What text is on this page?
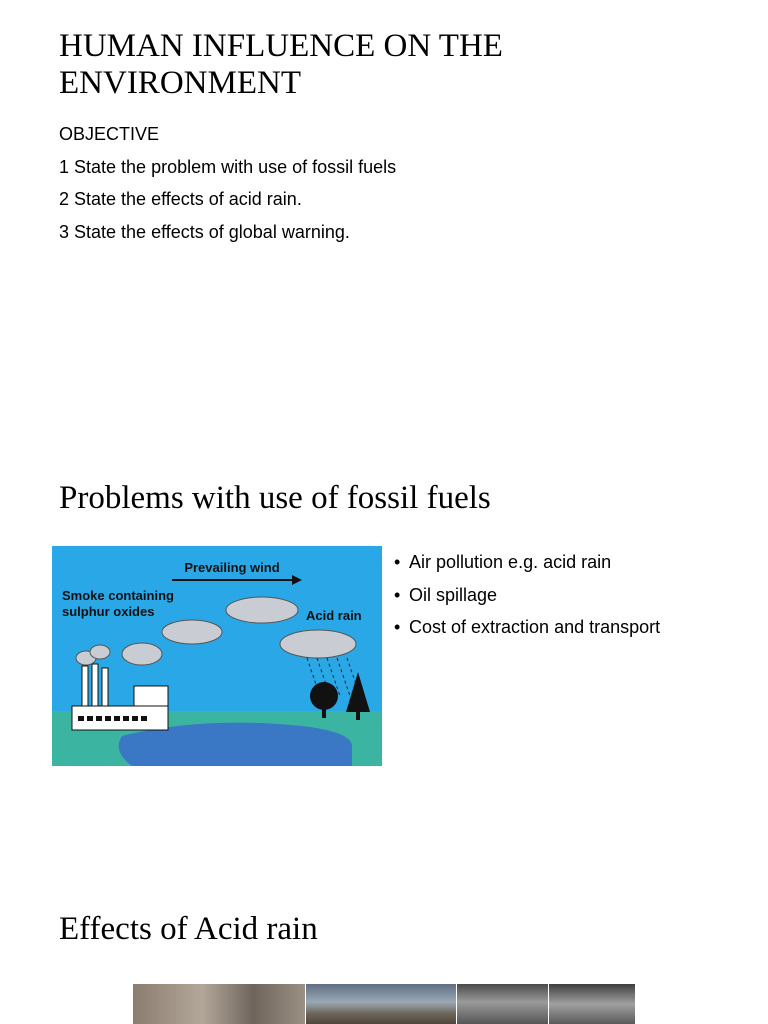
HUMAN INFLUENCE ON THE ENVIRONMENT
OBJECTIVE
1 State the problem with use of fossil fuels
2 State the effects of acid rain.
3 State the effects of global warning.
Problems with use of fossil fuels
Prevailing wind
Smoke containing
sulphur oxides	Acid rain
• Air pollution e.g. acid rain
• Oil spillage
• Cost of extraction and transport
Effects of Acid rain
